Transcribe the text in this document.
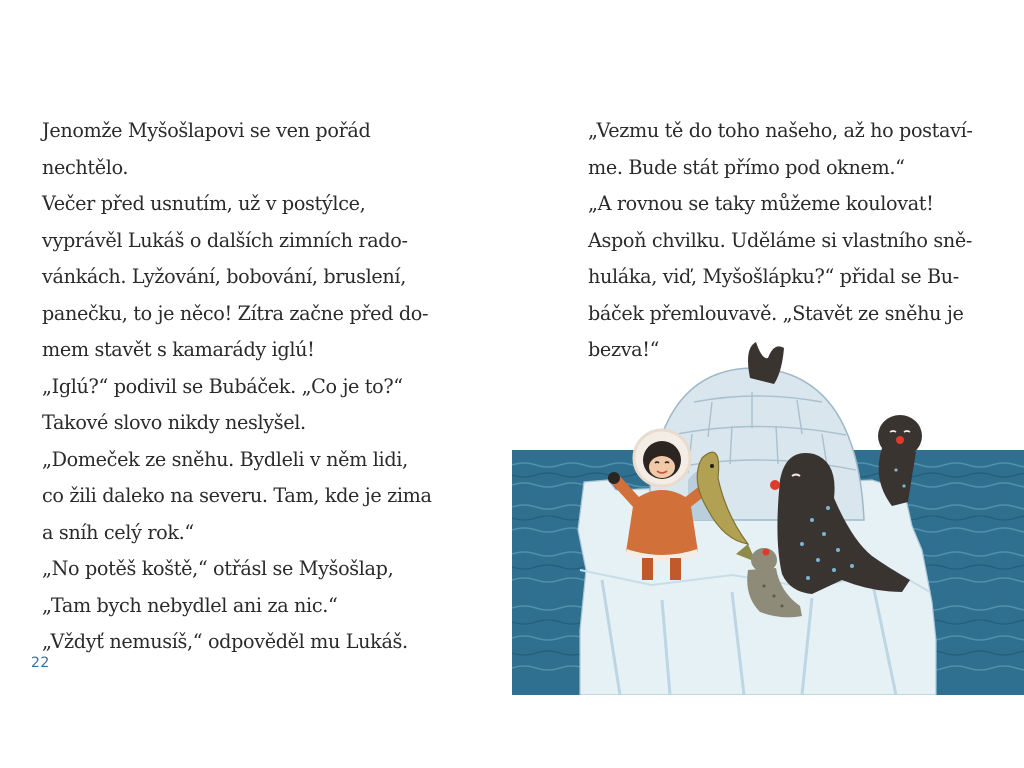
Jenomže Myšošlapovi se ven pořád
nechtělo.
Večer před usnutím, už v postýlce,
vyprávěl Lukáš o dalších zimních rado-
vánkách. Lyžování, bobování, bruslení,
panečku, to je něco! Zítra začne před do-
mem stavět s kamarády iglú!
„Iglú?“ podivil se Bubáček. „Co je to?“
Takové slovo nikdy neslyšel.
„Domeček ze sněhu. Bydleli v něm lidi,
co žili daleko na severu. Tam, kde je zima
a sníh celý rok.“
„No potěš koště,“ otřásl se Myšošlap,
„Tam bych nebydlel ani za nic.“
„Vždyť nemusíš,“ odpověděl mu Lukáš.
22
„Vezmu tě do toho našeho, až ho postaví-
me. Bude stát přímo pod oknem.“
„A rovnou se taky můžeme koulovat!
Aspoň chvilku. Uděláme si vlastního sně-
huláka, viď, Myšošlápku?“ přidal se Bu-
báček přemlouvavě. „Stavět ze sněhu je
bezva!“
